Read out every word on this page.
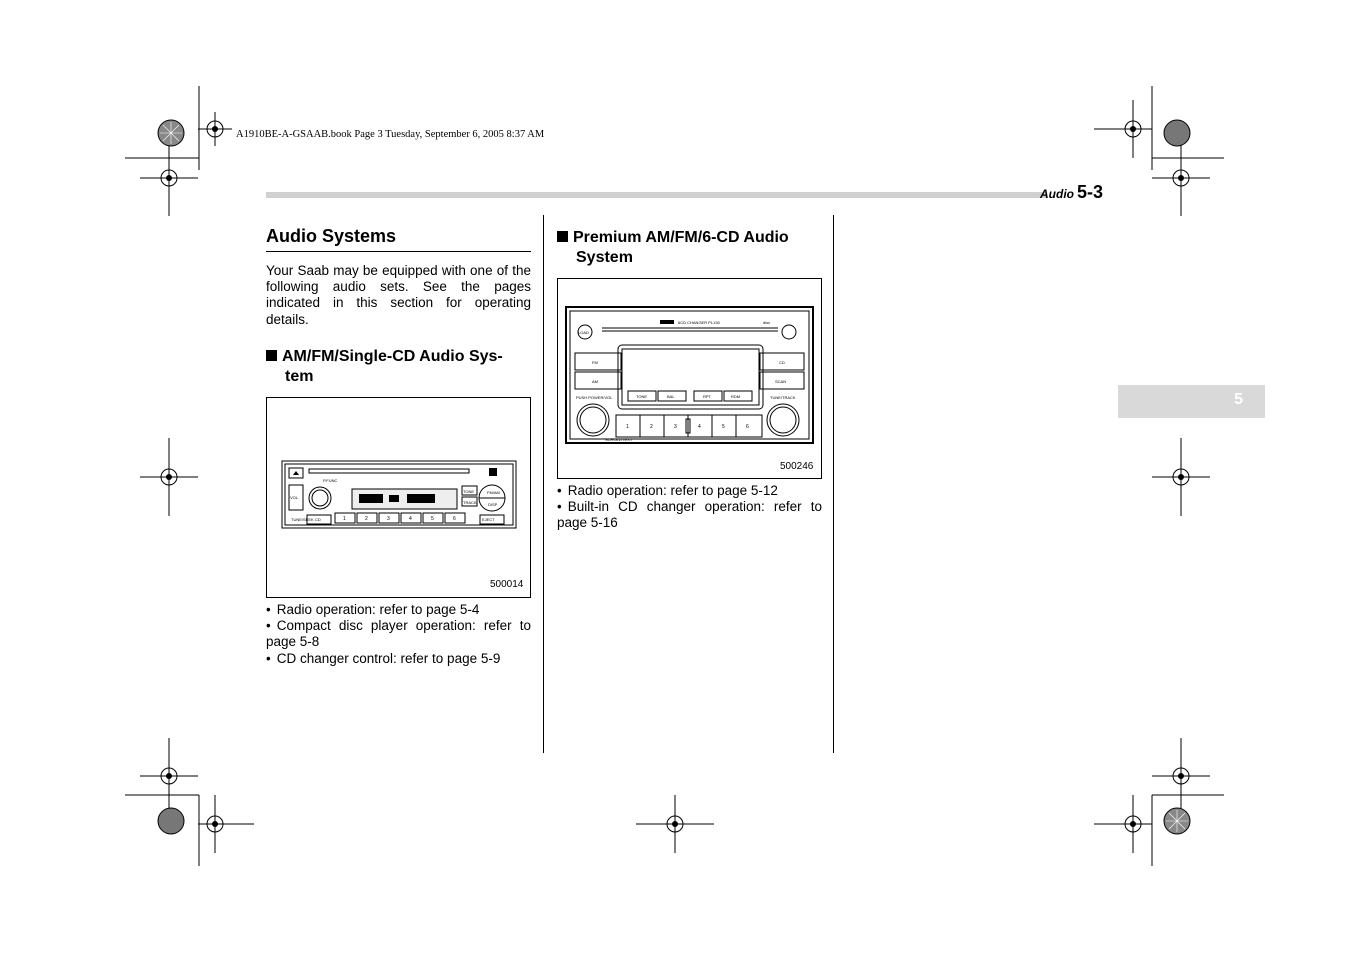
A1910BE-A-GSAAB.book Page 3 Tuesday, September 6, 2005 8:37 AM
Audio 5-3
5
Audio Systems
Your Saab may be equipped with one of the following audio sets. See the pages indicated in this section for operating details.
AM/FM/Single-CD Audio Sys-
tem
VOL
P.FUNC
TONE
TRACK
FM/AM
DISP
TUNE/SEEK CD	EJECT
1	2	3	4	5	6
500014
• Radio operation: refer to page 5-4
• Compact disc player operation: refer to page 5-8
• CD changer control: refer to page 5-9
Premium AM/FM/6-CD Audio
System
LOAD
6CD CHANGER PL130	disc
FM
AM
CD
SCAN
PUSH POWER/VOL	TUNE/TRACK
TONE	BAL	RPT	RDM
SCROLL/TEXT
1	2	3	4	5	6
500246
• Radio operation: refer to page 5-12
• Built-in CD changer operation: refer to page 5-16
